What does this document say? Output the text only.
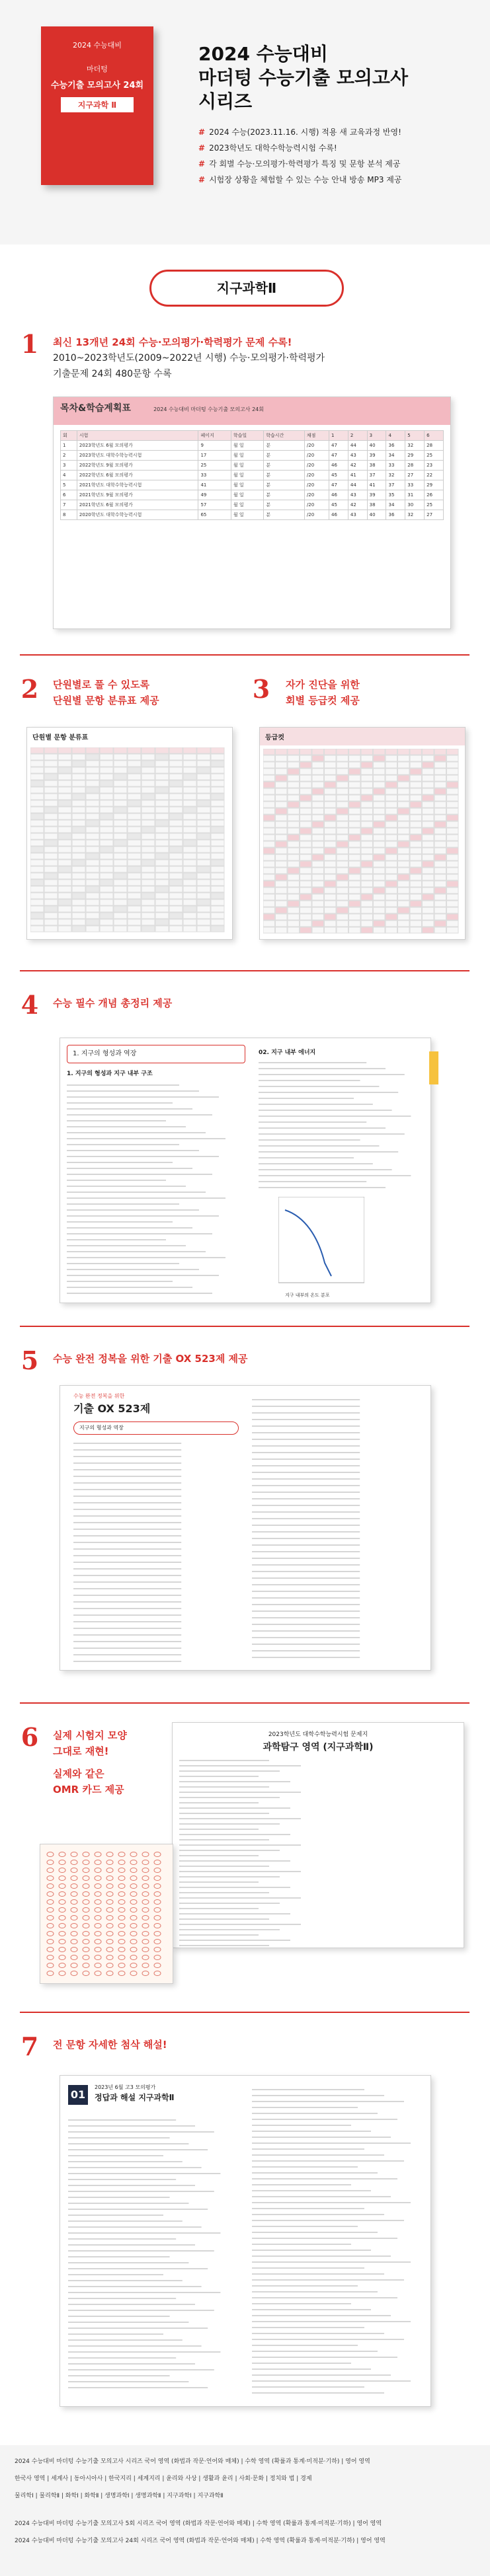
2024 수능대비
마더텅
수능기출 모의고사 24회
지구과학 Ⅱ
2024 수능대비
마더텅 수능기출 모의고사
시리즈
# 2024 수능(2023.11.16. 시행) 적용 새 교육과정 반영!
# 2023학년도 대학수학능력시험 수록!
# 각 회별 수능·모의평가·학력평가 특징 및 문항 분석 제공
# 시험장 상황을 체험할 수 있는 수능 안내 방송 MP3 제공
지구과학Ⅱ
1 최신 13개년 24회 수능·모의평가·학력평가 문제 수록!
2010~2023학년도(2009~2022년 시행) 수능·모의평가·학력평가
기출문제 24회 480문항 수록
목차&학습계획표	2024 수능대비 마더텅 수능기출 모의고사 24회
회	시험	페이지	학습일	학습시간	채점	1	2	3	4	5	6
1	2023학년도 6월 모의평가	9	월 일	분	/20	47	44	40	36	32	28
2	2023학년도 대학수학능력시험	17	월 일	분	/20	47	43	39	34	29	25
3	2022학년도 9월 모의평가	25	월 일	분	/20	46	42	38	33	28	23
4	2022학년도 6월 모의평가	33	월 일	분	/20	45	41	37	32	27	22
5	2021학년도 대학수학능력시험	41	월 일	분	/20	47	44	41	37	33	29
6	2021학년도 9월 모의평가	49	월 일	분	/20	46	43	39	35	31	26
7	2021학년도 6월 모의평가	57	월 일	분	/20	45	42	38	34	30	25
8	2020학년도 대학수학능력시험	65	월 일	분	/20	46	43	40	36	32	27
2 단원별로 풀 수 있도록
단원별 문항 분류표 제공	3 자가 진단을 위한
회별 등급컷 제공
단원별 문항 분류표	등급컷
4 수능 필수 개념 총정리 제공
1. 지구의 형성과 역장
1. 지구의 형성과 지구 내부 구조
02. 지구 내부 에너지
지구 내부의 온도 분포
5 수능 완전 정복을 위한 기출 OX 523제 제공
수능 완전 정복을 위한
기출 OX 523제
지구의 형성과 역장
6 실제 시험지 모양
그대로 재현!
실제와 같은
OMR 카드 제공
2023학년도 대학수학능력시험 문제지
과학탐구 영역 (지구과학Ⅱ)
7 전 문항 자세한 첨삭 해설!
01
2023년 6월 고3 모의평가
정답과 해설 지구과학Ⅱ
2024 수능대비 마더텅 수능기출 모의고사 시리즈 국어 영역 (화법과 작문·언어와 매체) | 수학 영역 (확률과 통계·미적분·기하) | 영어 영역
한국사 영역 | 세계사 | 동아시아사 | 한국지리 | 세계지리 | 윤리와 사상 | 생활과 윤리 | 사회·문화 | 정치와 법 | 경제
물리학Ⅰ | 물리학Ⅱ | 화학Ⅰ | 화학Ⅱ | 생명과학Ⅰ | 생명과학Ⅱ | 지구과학Ⅰ | 지구과학Ⅱ
2024 수능대비 마더텅 수능기출 모의고사 5회 시리즈 국어 영역 (화법과 작문·언어와 매체) | 수학 영역 (확률과 통계·미적분·기하) | 영어 영역
2024 수능대비 마더텅 수능기출 모의고사 24회 시리즈 국어 영역 (화법과 작문·언어와 매체) | 수학 영역 (확률과 통계·미적분·기하) | 영어 영역
